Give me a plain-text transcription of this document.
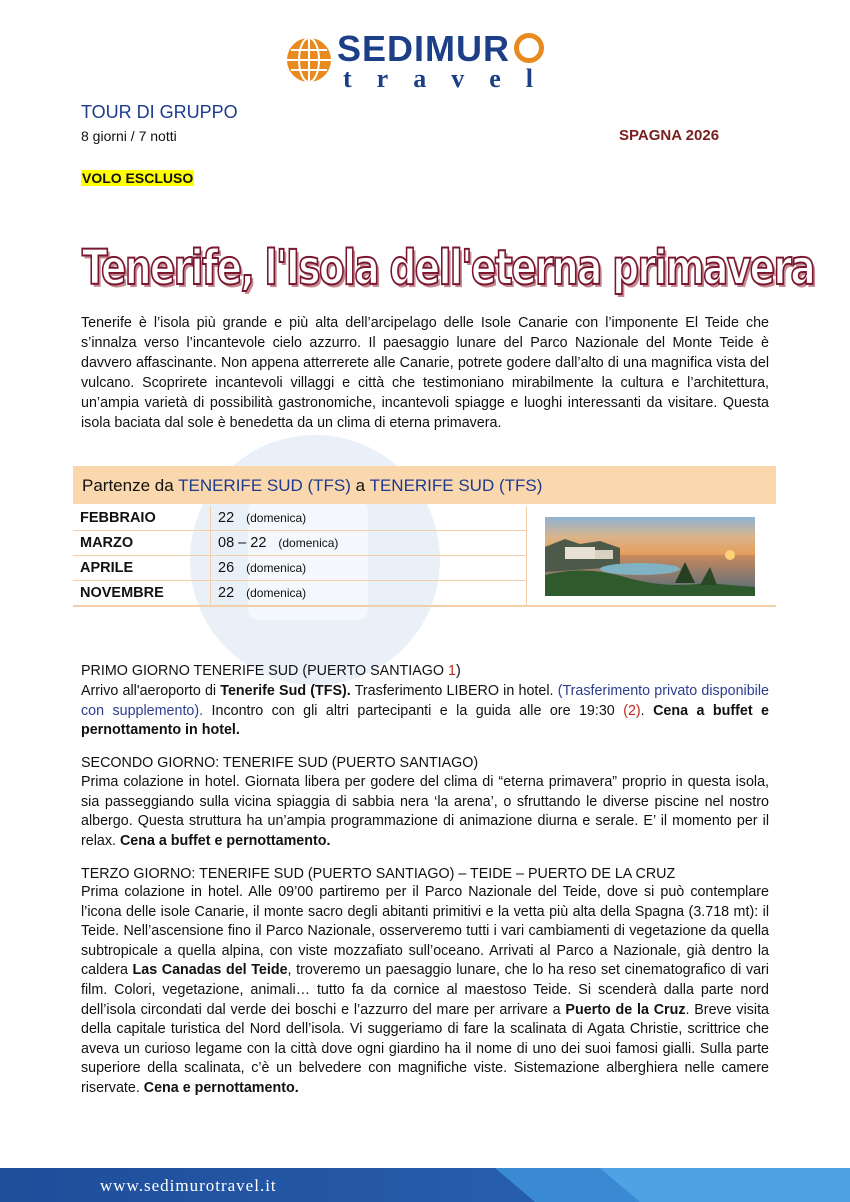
SEDIMUR
travel
TOUR DI GRUPPO
8 giorni / 7 notti	SPAGNA 2026
VOLO ESCLUSO
Tenerife, l'Isola dell'eterna primavera
Tenerife è l’isola più grande e più alta dell’arcipelago delle Isole Canarie con l’imponente El Teide che s’innalza verso l’incantevole cielo azzurro. Il paesaggio lunare del Parco Nazionale del Monte Teide è davvero affascinante. Non appena atterrerete alle Canarie, potrete godere dall’alto di una magnifica vista del vulcano. Scoprirete incantevoli villaggi e città che testimoniano mirabilmente la cultura e l’architettura, un’ampia varietà di possibilità gastronomiche, incantevoli spiagge e luoghi interessanti da visitare. Questa isola baciata dal sole è benedetta da un clima di eterna primavera.
Partenze da TENERIFE SUD (TFS) a TENERIFE SUD (TFS)
FEBBRAIO	22 (domenica)
MARZO	08 – 22 (domenica)
APRILE	26 (domenica)
NOVEMBRE	22 (domenica)
PRIMO GIORNO TENERIFE SUD (PUERTO SANTIAGO 1)
Arrivo all'aeroporto di Tenerife Sud (TFS). Trasferimento LIBERO in hotel. (Trasferimento privato disponibile con supplemento). Incontro con gli altri partecipanti e la guida alle ore 19:30 (2). Cena a buffet e pernottamento in hotel.
SECONDO GIORNO: TENERIFE SUD (PUERTO SANTIAGO)
Prima colazione in hotel. Giornata libera per godere del clima di “eterna primavera” proprio in questa isola, sia passeggiando sulla vicina spiaggia di sabbia nera ‘la arena’, o sfruttando le diverse piscine nel nostro albergo. Questa struttura ha un’ampia programmazione di animazione diurna e serale. E’ il momento per il relax. Cena a buffet e pernottamento.
TERZO GIORNO: TENERIFE SUD (PUERTO SANTIAGO) – TEIDE – PUERTO DE LA CRUZ
Prima colazione in hotel. Alle 09’00 partiremo per il Parco Nazionale del Teide, dove si può contemplare l’icona delle isole Canarie, il monte sacro degli abitanti primitivi e la vetta più alta della Spagna (3.718 mt): il Teide. Nell’ascensione fino il Parco Nazionale, osserveremo tutti i vari cambiamenti di vegetazione da quella subtropicale a quella alpina, con viste mozzafiato sull’oceano. Arrivati al Parco a Nazionale, già dentro la caldera Las Canadas del Teide, troveremo un paesaggio lunare, che lo ha reso set cinematografico di vari film. Colori, vegetazione, animali… tutto fa da cornice al maestoso Teide. Si scenderà dalla parte nord dell’isola circondati dal verde dei boschi e l’azzurro del mare per arrivare a Puerto de la Cruz. Breve visita della capitale turistica del Nord dell’isola. Vi suggeriamo di fare la scalinata di Agata Christie, scrittrice che aveva un curioso legame con la città dove ogni giardino ha il nome di uno dei suoi famosi gialli. Sulla parte superiore della scalinata, c’è un belvedere con magnifiche viste. Sistemazione alberghiera nelle camere riservate. Cena e pernottamento.
www.sedimurotravel.it
